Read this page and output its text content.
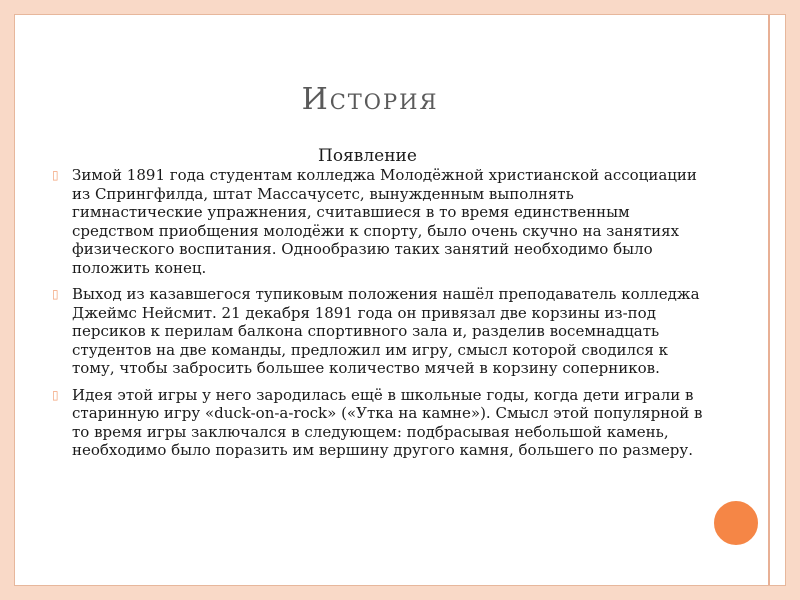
История
Появление
▯ Зимой 1891 года студентам колледжа Молодёжной христианской ассоциации из Спрингфилда, штат Массачусетс, вынужденным выполнять гимнастические упражнения, считавшиеся в то время единственным средством приобщения молодёжи к спорту, было очень скучно на занятиях физического воспитания. Однообразию таких занятий необходимо было положить конец.
▯ Выход из казавшегося тупиковым положения нашёл преподаватель колледжа Джеймс Нейсмит. 21 декабря 1891 года он привязал две корзины из-под персиков к перилам балкона спортивного зала и, разделив восемнадцать студентов на две команды, предложил им игру, смысл которой сводился к тому, чтобы забросить большее количество мячей в корзину соперников.
▯ Идея этой игры у него зародилась ещё в школьные годы, когда дети играли в старинную игру «duck-on-a-rock» («Утка на камне»). Смысл этой популярной в то время игры заключался в следующем: подбрасывая небольшой камень, необходимо было поразить им вершину другого камня, большего по размеру.
